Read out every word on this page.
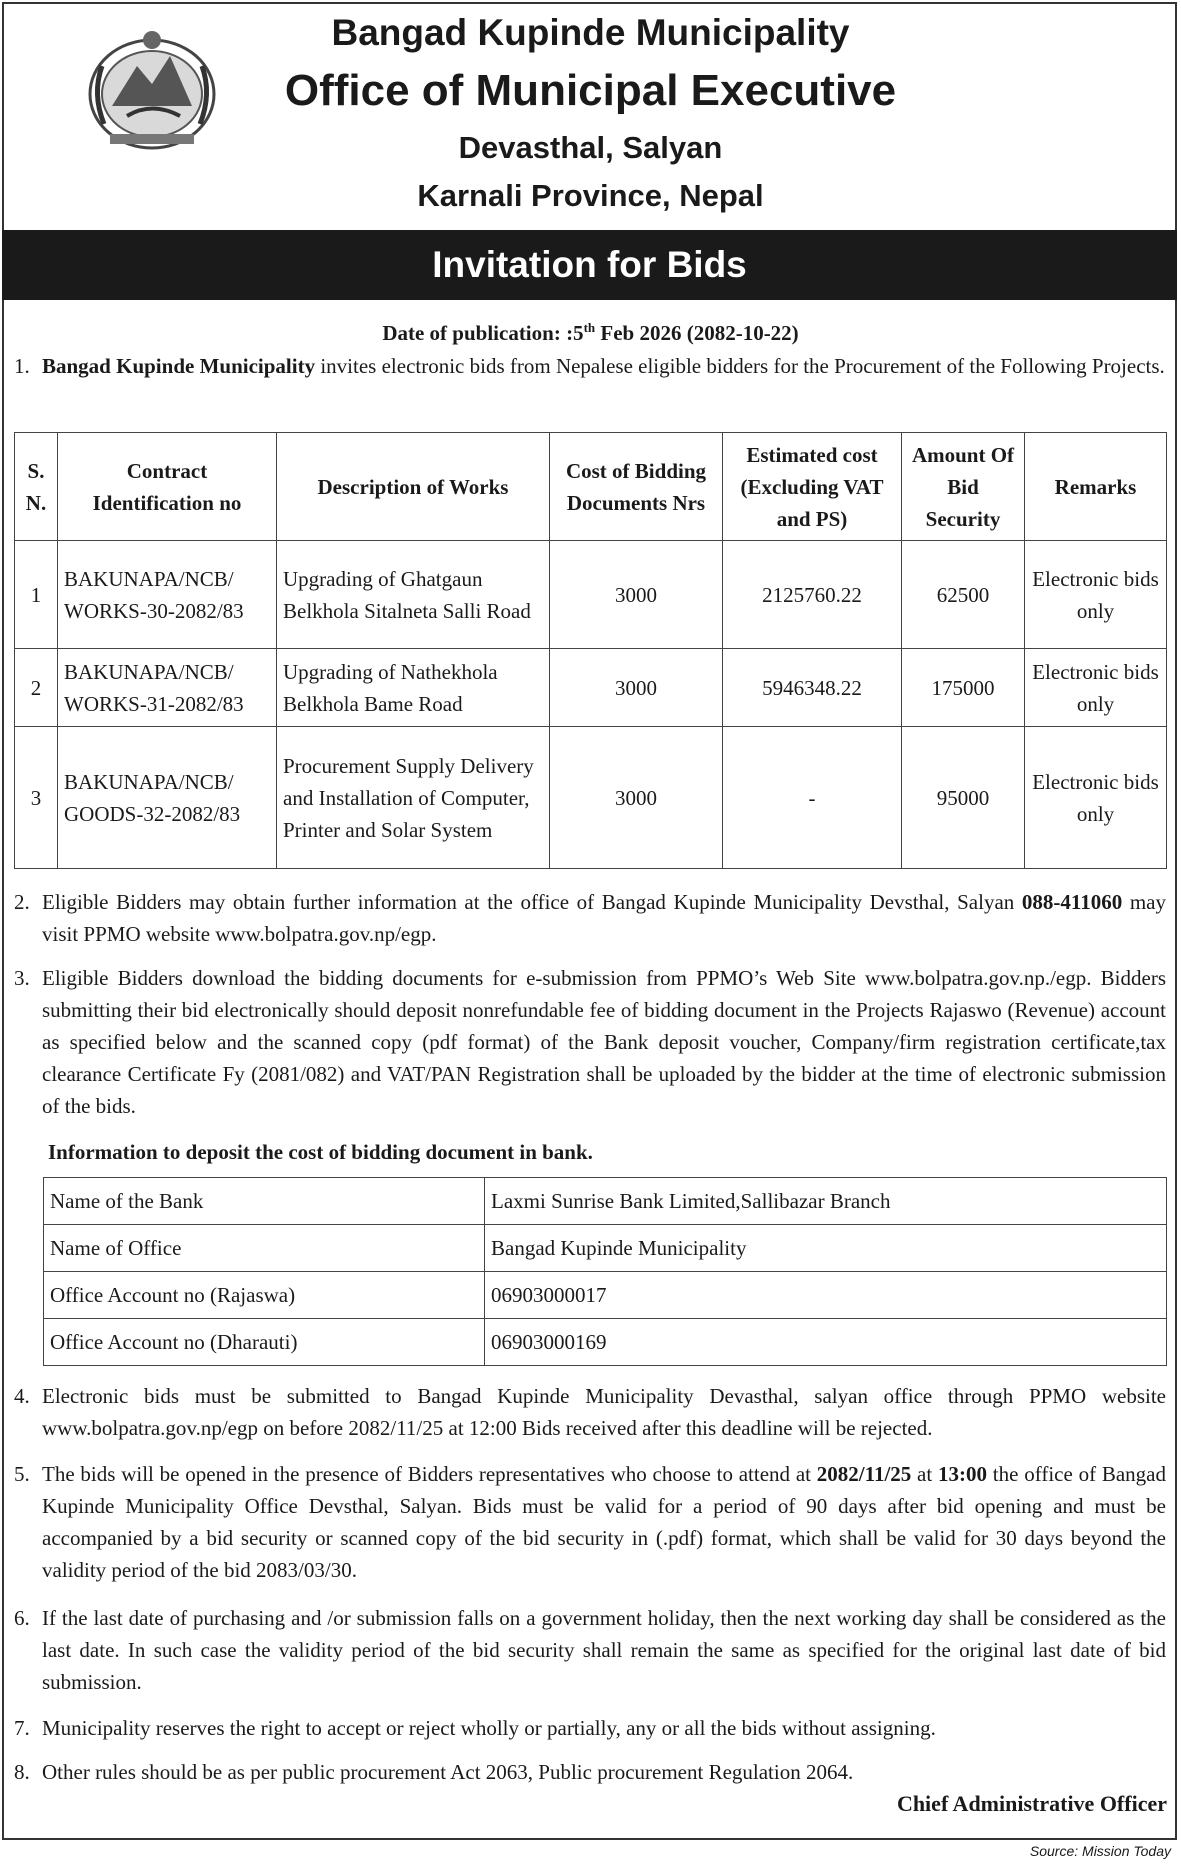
Bangad Kupinde Municipality
Office of Municipal Executive
Devasthal, Salyan
Karnali Province, Nepal
Invitation for Bids
Date of publication: :5th Feb 2026 (2082-10-22)
1. Bangad Kupinde Municipality invites electronic bids from Nepalese eligible bidders for the Procurement of the Following Projects.
S. N.	Contract Identification no	Description of Works	Cost of Bidding Documents Nrs	Estimated cost (Excluding VAT and PS)	Amount Of Bid Security	Remarks
1	BAKUNAPA/NCB/ WORKS-30-2082/83	Upgrading of Ghatgaun Belkhola Sitalneta Salli Road	3000	2125760.22	62500	Electronic bids only
2	BAKUNAPA/NCB/ WORKS-31-2082/83	Upgrading of Nathekhola Belkhola Bame Road	3000	5946348.22	175000	Electronic bids only
3	BAKUNAPA/NCB/ GOODS-32-2082/83	Procurement Supply Delivery and Installation of Computer, Printer and Solar System	3000	-	95000	Electronic bids only
2. Eligible Bidders may obtain further information at the office of Bangad Kupinde Municipality Devsthal, Salyan 088-411060 may visit PPMO website www.bolpatra.gov.np/egp.
3. Eligible Bidders download the bidding documents for e-submission from PPMO’s Web Site www.bolpatra.gov.np./egp. Bidders submitting their bid electronically should deposit nonrefundable fee of bidding document in the Projects Rajaswo (Revenue) account as specified below and the scanned copy (pdf format) of the Bank deposit voucher, Company/firm registration certificate,tax clearance Certificate Fy (2081/082) and VAT/PAN Registration shall be uploaded by the bidder at the time of electronic submission of the bids.
Information to deposit the cost of bidding document in bank.
4. Electronic bids must be submitted to Bangad Kupinde Municipality Devasthal, salyan office through PPMO website www.bolpatra.gov.np/egp on before 2082/11/25 at 12:00 Bids received after this deadline will be rejected.
5. The bids will be opened in the presence of Bidders representatives who choose to attend at 2082/11/25 at 13:00 the office of Bangad Kupinde Municipality Office Devsthal, Salyan. Bids must be valid for a period of 90 days after bid opening and must be accompanied by a bid security or scanned copy of the bid security in (.pdf) format, which shall be valid for 30 days beyond the validity period of the bid 2083/03/30.
6. If the last date of purchasing and /or submission falls on a government holiday, then the next working day shall be considered as the last date. In such case the validity period of the bid security shall remain the same as specified for the original last date of bid submission.
7. Municipality reserves the right to accept or reject wholly or partially, any or all the bids without assigning.
8. Other rules should be as per public procurement Act 2063, Public procurement Regulation 2064.
Name of the Bank	Laxmi Sunrise Bank Limited,Sallibazar Branch
Name of Office	Bangad Kupinde Municipality
Office Account no (Rajaswa)	06903000017
Office Account no (Dharauti)	06903000169
Chief Administrative Officer
Source: Mission Today
